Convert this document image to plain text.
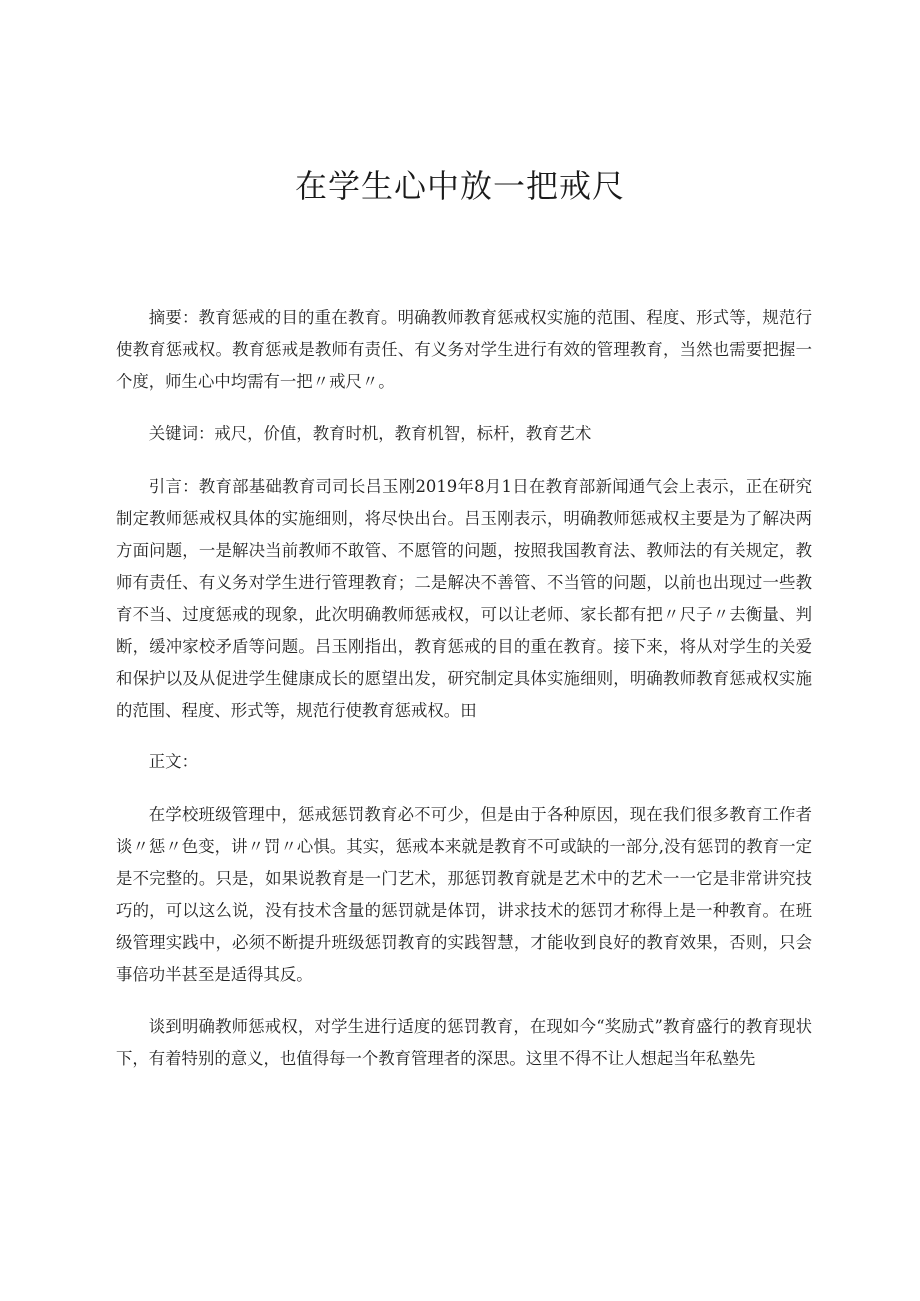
在学生心中放一把戒尺

摘要：教育惩戒的目的重在教育。明确教师教育惩戒权实施的范围、程度、形式等，规范行使教育惩戒权。教育惩戒是教师有责任、有义务对学生进行有效的管理教育，当然也需要把握一个度，师生心中均需有一把〃戒尺〃。

关键词：戒尺，价值，教育时机，教育机智，标杆，教育艺术

引言：教育部基础教育司司长吕玉刚2019年8月1日在教育部新闻通气会上表示，正在研究制定教师惩戒权具体的实施细则，将尽快出台。吕玉刚表示，明确教师惩戒权主要是为了解决两方面问题，一是解决当前教师不敢管、不愿管的问题，按照我国教育法、教师法的有关规定，教师有责任、有义务对学生进行管理教育；二是解决不善管、不当管的问题，以前也出现过一些教育不当、过度惩戒的现象，此次明确教师惩戒权，可以让老师、家长都有把〃尺子〃去衡量、判断，缓冲家校矛盾等问题。吕玉刚指出，教育惩戒的目的重在教育。接下来，将从对学生的关爱和保护以及从促进学生健康成长的愿望出发，研究制定具体实施细则，明确教师教育惩戒权实施的范围、程度、形式等，规范行使教育惩戒权。田

正文：

在学校班级管理中，惩戒惩罚教育必不可少，但是由于各种原因，现在我们很多教育工作者谈〃惩〃色变，讲〃罚〃心惧。其实，惩戒本来就是教育不可或缺的一部分,没有惩罚的教育一定是不完整的。只是，如果说教育是一门艺术，那惩罚教育就是艺术中的艺术一一它是非常讲究技巧的，可以这么说，没有技术含量的惩罚就是体罚，讲求技术的惩罚才称得上是一种教育。在班级管理实践中，必须不断提升班级惩罚教育的实践智慧，才能收到良好的教育效果，否则，只会事倍功半甚至是适得其反。

谈到明确教师惩戒权，对学生进行适度的惩罚教育，在现如今“奖励式”教育盛行的教育现状下，有着特别的意义，也值得每一个教育管理者的深思。这里不得不让人想起当年私塾先
